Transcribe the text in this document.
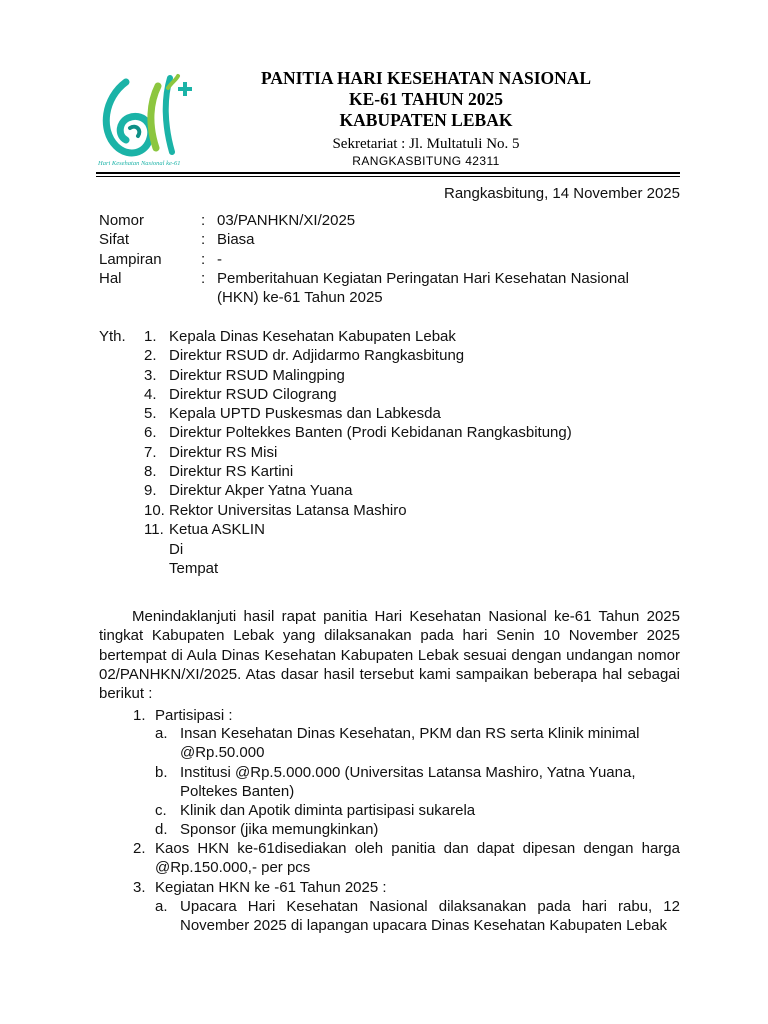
Hari Kesehatan Nasional ke-61
PANITIA HARI KESEHATAN NASIONAL
KE-61 TAHUN 2025
KABUPATEN LEBAK
Sekretariat : Jl. Multatuli No. 5
RANGKASBITUNG 42311
Rangkasbitung, 14 November 2025
Nomor	: 03/PANHKN/XI/2025
Sifat	: Biasa
Lampiran	: -
Hal	: Pemberitahuan Kegiatan Peringatan Hari Kesehatan Nasional
(HKN) ke-61 Tahun 2025
Yth. 1. Kepala Dinas Kesehatan Kabupaten Lebak
2. Direktur RSUD dr. Adjidarmo Rangkasbitung
3. Direktur RSUD Malingping
4. Direktur RSUD Cilograng
5. Kepala UPTD Puskesmas dan Labkesda
6. Direktur Poltekkes Banten (Prodi Kebidanan Rangkasbitung)
7. Direktur RS Misi
8. Direktur RS Kartini
9. Direktur Akper Yatna Yuana
10. Rektor Universitas Latansa Mashiro
11. Ketua ASKLIN
Di
Tempat
Menindaklanjuti hasil rapat panitia Hari Kesehatan Nasional ke-61 Tahun 2025 tingkat Kabupaten Lebak yang dilaksanakan pada hari Senin 10 November 2025 bertempat di Aula Dinas Kesehatan Kabupaten Lebak sesuai dengan undangan nomor 02/PANHKN/XI/2025. Atas dasar hasil tersebut kami sampaikan beberapa hal sebagai berikut :
1. Partisipasi :
a. Insan Kesehatan Dinas Kesehatan, PKM dan RS serta Klinik minimal @Rp.50.000
b. Institusi @Rp.5.000.000 (Universitas Latansa Mashiro, Yatna Yuana, Poltekes Banten)
c. Klinik dan Apotik diminta partisipasi sukarela
d. Sponsor (jika memungkinkan)
2. Kaos HKN ke-61disediakan oleh panitia dan dapat dipesan dengan harga @Rp.150.000,- per pcs
3. Kegiatan HKN ke -61 Tahun 2025 :
a. Upacara Hari Kesehatan Nasional dilaksanakan pada hari rabu, 12 November 2025 di lapangan upacara Dinas Kesehatan Kabupaten Lebak
